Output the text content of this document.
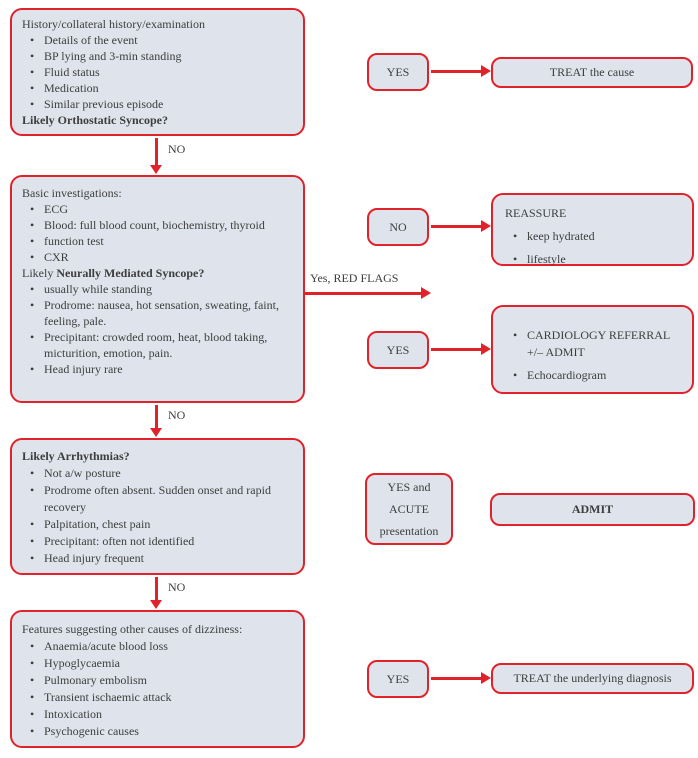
History/collateral history/examination
• Details of the event
• BP lying and 3-min standing
• Fluid status
• Medication
• Similar previous episode
Likely Orthostatic Syncope?
NO
YES	TREAT the cause
Basic investigations:
• ECG
• Blood: full blood count, biochemistry, thyroid
• function test
• CXR
Likely Neurally Mediated Syncope?
• usually while standing
• Prodrome: nausea, hot sensation, sweating, faint, feeling, pale.
• Precipitant: crowded room, heat, blood taking, micturition, emotion, pain.
• Head injury rare
NO
REASSURE
• keep hydrated
• lifestyle
Yes, RED FLAGS
YES
• CARDIOLOGY REFERRAL +/– ADMIT
• Echocardiogram
NO
Likely Arrhythmias?
• Not a/w posture
• Prodrome often absent. Sudden onset and rapid recovery
• Palpitation, chest pain
• Precipitant: often not identified
• Head injury frequent
YES and
ACUTE
presentation
ADMIT
NO
Features suggesting other causes of dizziness:
• Anaemia/acute blood loss
• Hypoglycaemia
• Pulmonary embolism
• Transient ischaemic attack
• Intoxication
• Psychogenic causes
YES	TREAT the underlying diagnosis
